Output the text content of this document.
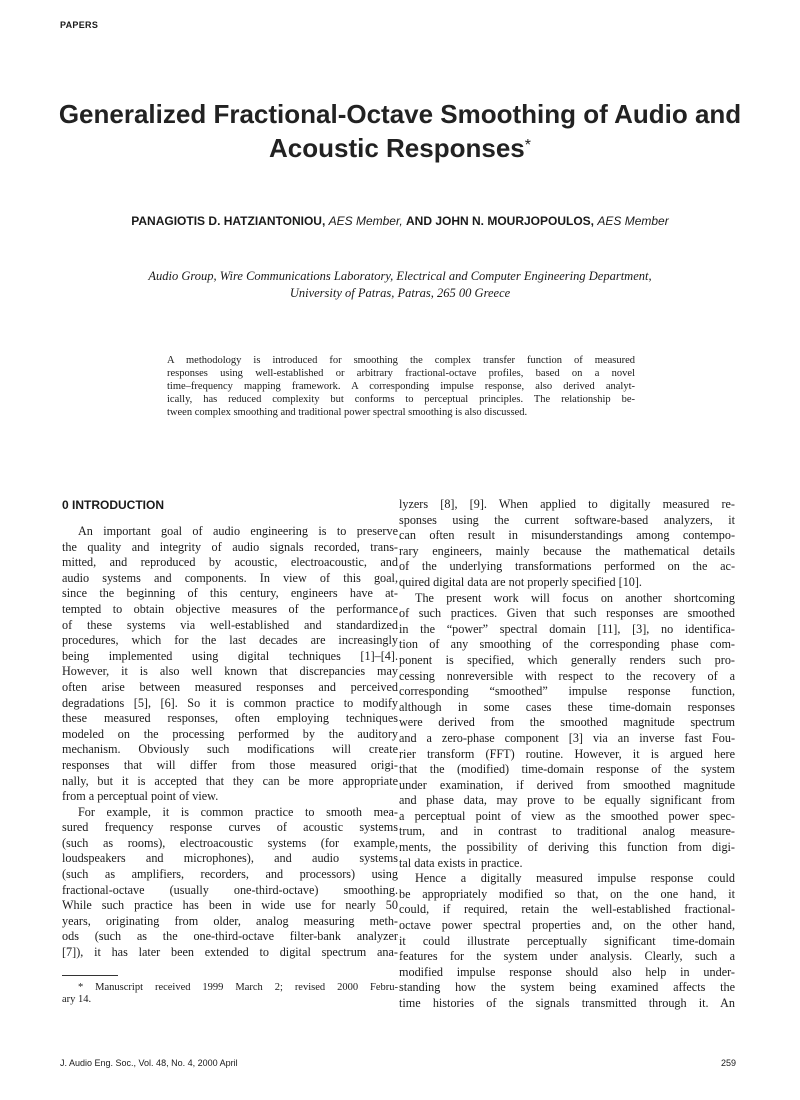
PAPERS
Generalized Fractional-Octave Smoothing of Audio and
Acoustic Responses*
PANAGIOTIS D. HATZIANTONIOU, AES Member, AND JOHN N. MOURJOPOULOS, AES Member
Audio Group, Wire Communications Laboratory, Electrical and Computer Engineering Department,
University of Patras, Patras, 265 00 Greece
A methodology is introduced for smoothing the complex transfer function of measured
responses using well-established or arbitrary fractional-octave profiles, based on a novel
time–frequency mapping framework. A corresponding impulse response, also derived analyt-
ically, has reduced complexity but conforms to perceptual principles. The relationship be-
tween complex smoothing and traditional power spectral smoothing is also discussed.
0 INTRODUCTION
An important goal of audio engineering is to preserve
the quality and integrity of audio signals recorded, trans-
mitted, and reproduced by acoustic, electroacoustic, and
audio systems and components. In view of this goal,
since the beginning of this century, engineers have at-
tempted to obtain objective measures of the performance
of these systems via well-established and standardized
procedures, which for the last decades are increasingly
being implemented using digital techniques [1]–[4].
However, it is also well known that discrepancies may
often arise between measured responses and perceived
degradations [5], [6]. So it is common practice to modify
these measured responses, often employing techniques
modeled on the processing performed by the auditory
mechanism. Obviously such modifications will create
responses that will differ from those measured origi-
nally, but it is accepted that they can be more appropriate
from a perceptual point of view.
For example, it is common practice to smooth mea-
sured frequency response curves of acoustic systems
(such as rooms), electroacoustic systems (for example,
loudspeakers and microphones), and audio systems
(such as amplifiers, recorders, and processors) using
fractional-octave (usually one-third-octave) smoothing.
While such practice has been in wide use for nearly 50
years, originating from older, analog measuring meth-
ods (such as the one-third-octave filter-bank analyzer
[7]), it has later been extended to digital spectrum ana-
* Manuscript received 1999 March 2; revised 2000 Febru-
ary 14.
lyzers [8], [9]. When applied to digitally measured re-
sponses using the current software-based analyzers, it
can often result in misunderstandings among contempo-
rary engineers, mainly because the mathematical details
of the underlying transformations performed on the ac-
quired digital data are not properly specified [10].
The present work will focus on another shortcoming
of such practices. Given that such responses are smoothed
in the “power” spectral domain [11], [3], no identifica-
tion of any smoothing of the corresponding phase com-
ponent is specified, which generally renders such pro-
cessing nonreversible with respect to the recovery of a
corresponding “smoothed” impulse response function,
although in some cases these time-domain responses
were derived from the smoothed magnitude spectrum
and a zero-phase component [3] via an inverse fast Fou-
rier transform (FFT) routine. However, it is argued here
that the (modified) time-domain response of the system
under examination, if derived from smoothed magnitude
and phase data, may prove to be equally significant from
a perceptual point of view as the smoothed power spec-
trum, and in contrast to traditional analog measure-
ments, the possibility of deriving this function from digi-
tal data exists in practice.
Hence a digitally measured impulse response could
be appropriately modified so that, on the one hand, it
could, if required, retain the well-established fractional-
octave power spectral properties and, on the other hand,
it could illustrate perceptually significant time-domain
features for the system under analysis. Clearly, such a
modified impulse response should also help in under-
standing how the system being examined affects the
time histories of the signals transmitted through it. An
J. Audio Eng. Soc., Vol. 48, No. 4, 2000 April	259
